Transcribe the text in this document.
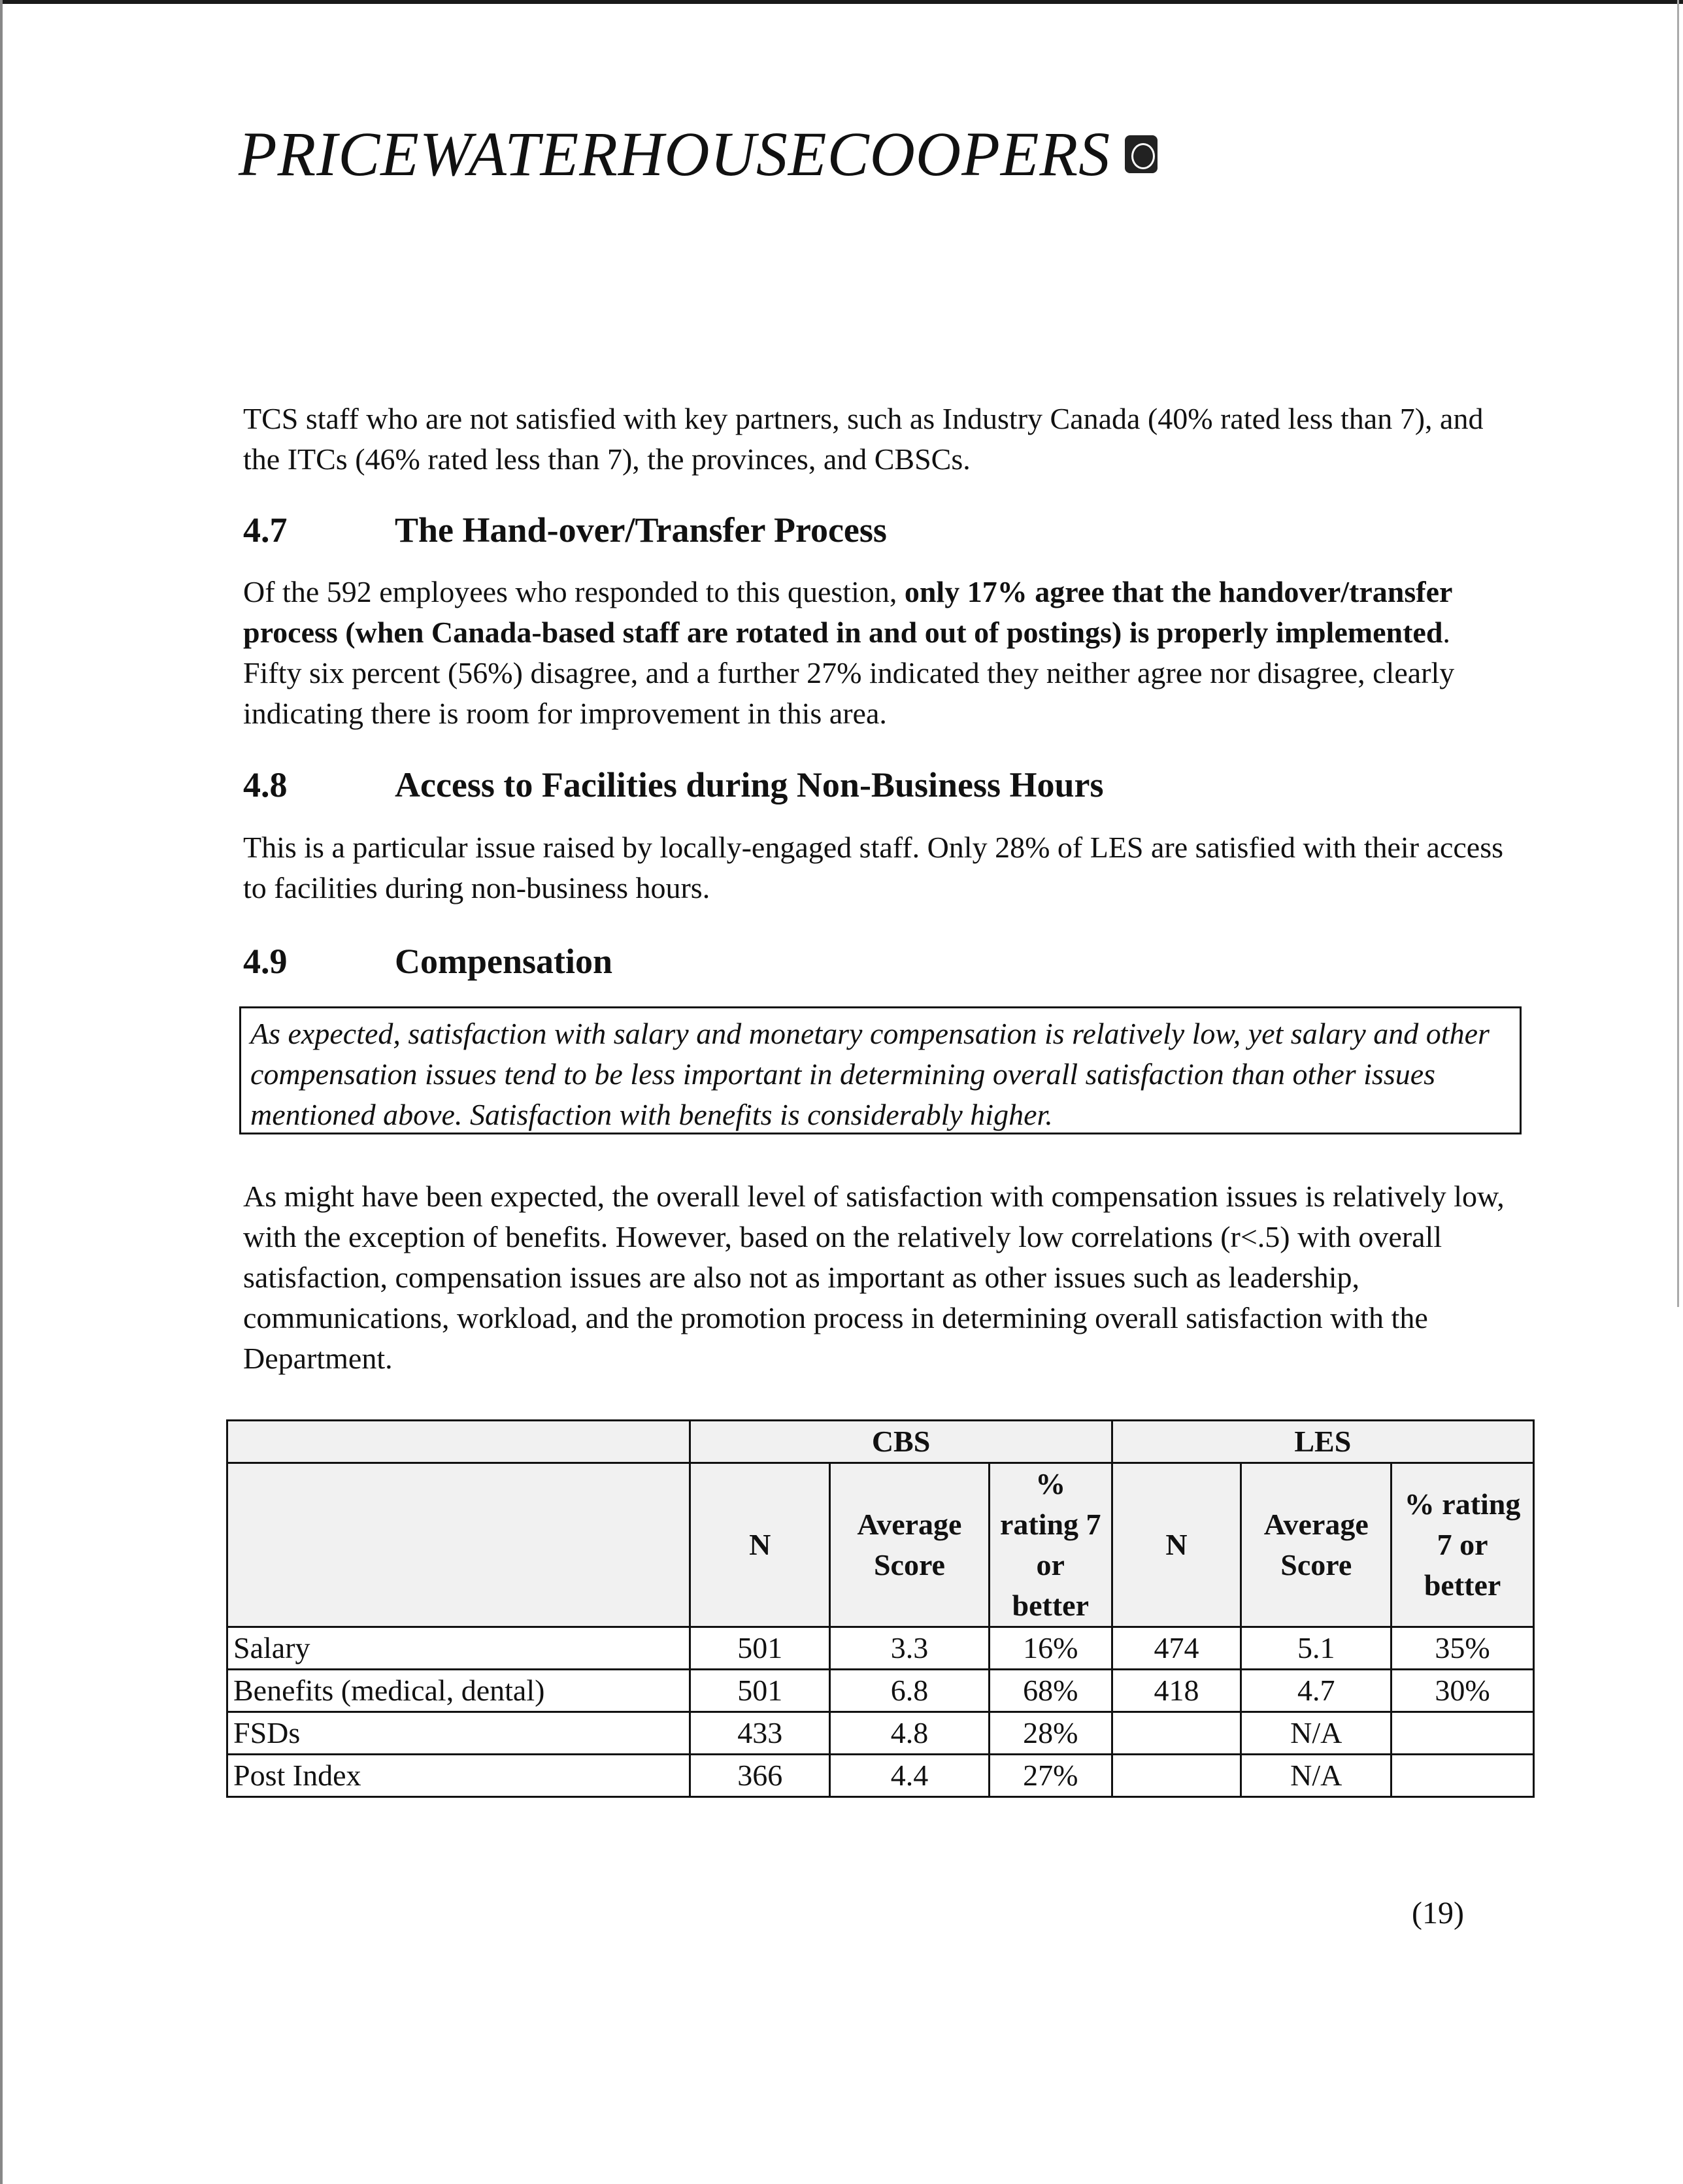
PRICEWATERHOUSECOOPERS

TCS staff who are not satisfied with key partners, such as Industry Canada (40% rated less than 7), and the ITCs (46% rated less than 7), the provinces, and CBSCs.

4.7	The Hand-over/Transfer Process

Of the 592 employees who responded to this question, only 17% agree that the handover/transfer process (when Canada-based staff are rotated in and out of postings) is properly implemented. Fifty six percent (56%) disagree, and a further 27% indicated they neither agree nor disagree, clearly indicating there is room for improvement in this area.

4.8	Access to Facilities during Non-Business Hours

This is a particular issue raised by locally-engaged staff. Only 28% of LES are satisfied with their access to facilities during non-business hours.

4.9	Compensation
As expected, satisfaction with salary and monetary compensation is relatively low, yet salary and other compensation issues tend to be less important in determining overall satisfaction than other issues mentioned above. Satisfaction with benefits is considerably higher.

As might have been expected, the overall level of satisfaction with compensation issues is relatively low, with the exception of benefits. However, based on the relatively low correlations (r<.5) with overall satisfaction, compensation issues are also not as important as other issues such as leadership, communications, workload, and the promotion process in determining overall satisfaction with the Department.

	CBS			LES		
	N	Average Score	% rating 7 or better	N	Average Score	% rating 7 or better
Salary	501	3.3	16%	474	5.1	35%
Benefits (medical, dental)	501	6.8	68%	418	4.7	30%
FSDs	433	4.8	28%		N/A	
Post Index	366	4.4	27%		N/A	
(19)
